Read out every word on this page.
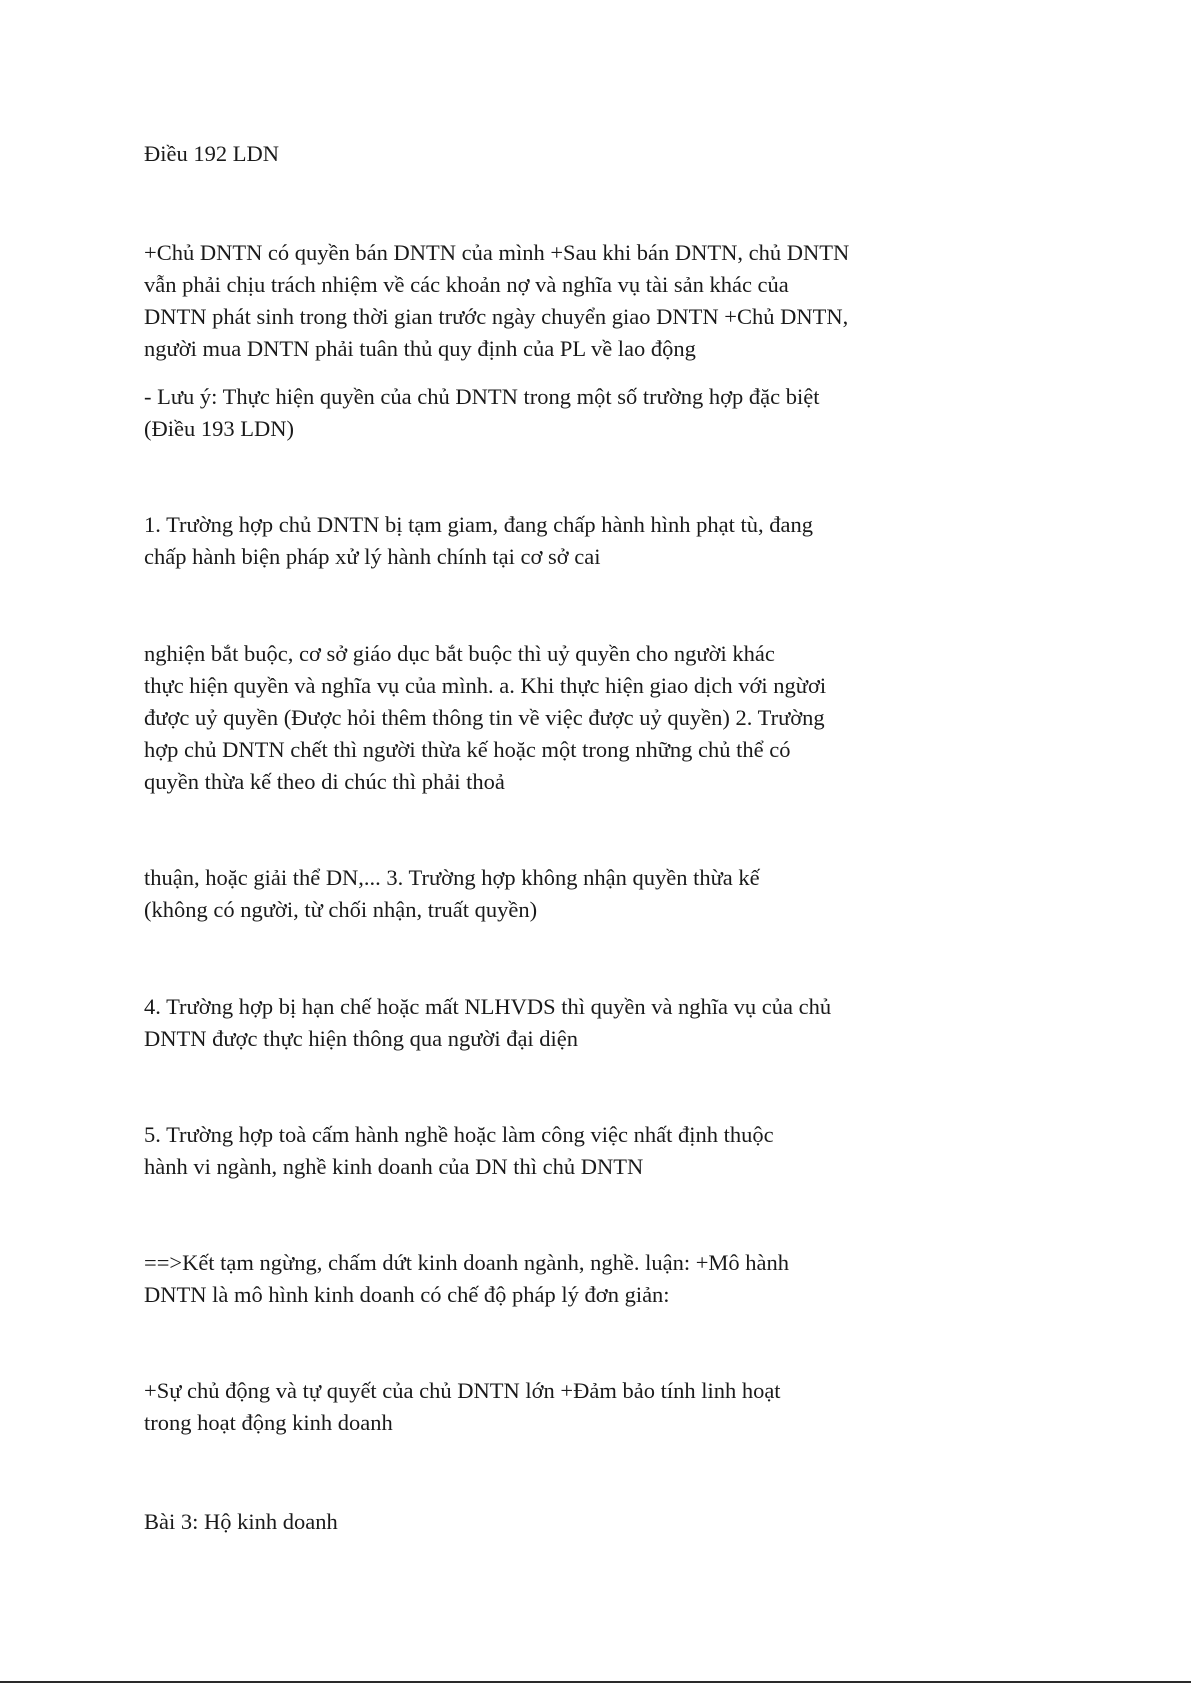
Điều 192 LDN

+Chủ DNTN có quyền bán DNTN của mình +Sau khi bán DNTN, chủ DNTN
vẫn phải chịu trách nhiệm về các khoản nợ và nghĩa vụ tài sản khác của
DNTN phát sinh trong thời gian trước ngày chuyển giao DNTN +Chủ DNTN,
người mua DNTN phải tuân thủ quy định của PL về lao động

- Lưu ý: Thực hiện quyền của chủ DNTN trong một số trường hợp đặc biệt
(Điều 193 LDN)

1. Trường hợp chủ DNTN bị tạm giam, đang chấp hành hình phạt tù, đang
chấp hành biện pháp xử lý hành chính tại cơ sở cai

nghiện bắt buộc, cơ sở giáo dục bắt buộc thì uỷ quyền cho người khác
thực hiện quyền và nghĩa vụ của mình. a. Khi thực hiện giao dịch với ngừơi
được uỷ quyền (Được hỏi thêm thông tin về việc được uỷ quyền) 2. Trường
hợp chủ DNTN chết thì người thừa kế hoặc một trong những chủ thể có
quyền thừa kế theo di chúc thì phải thoả

thuận, hoặc giải thể DN,... 3. Trường hợp không nhận quyền thừa kế
(không có người, từ chối nhận, truất quyền)

4. Trường hợp bị hạn chế hoặc mất NLHVDS thì quyền và nghĩa vụ của chủ
DNTN được thực hiện thông qua người đại diện

5. Trường hợp toà cấm hành nghề hoặc làm công việc nhất định thuộc
hành vi ngành, nghề kinh doanh của DN thì chủ DNTN

==>Kết tạm ngừng, chấm dứt kinh doanh ngành, nghề. luận: +Mô hành
DNTN là mô hình kinh doanh có chế độ pháp lý đơn giản:

+Sự chủ động và tự quyết của chủ DNTN lớn +Đảm bảo tính linh hoạt
trong hoạt động kinh doanh

Bài 3: Hộ kinh doanh
